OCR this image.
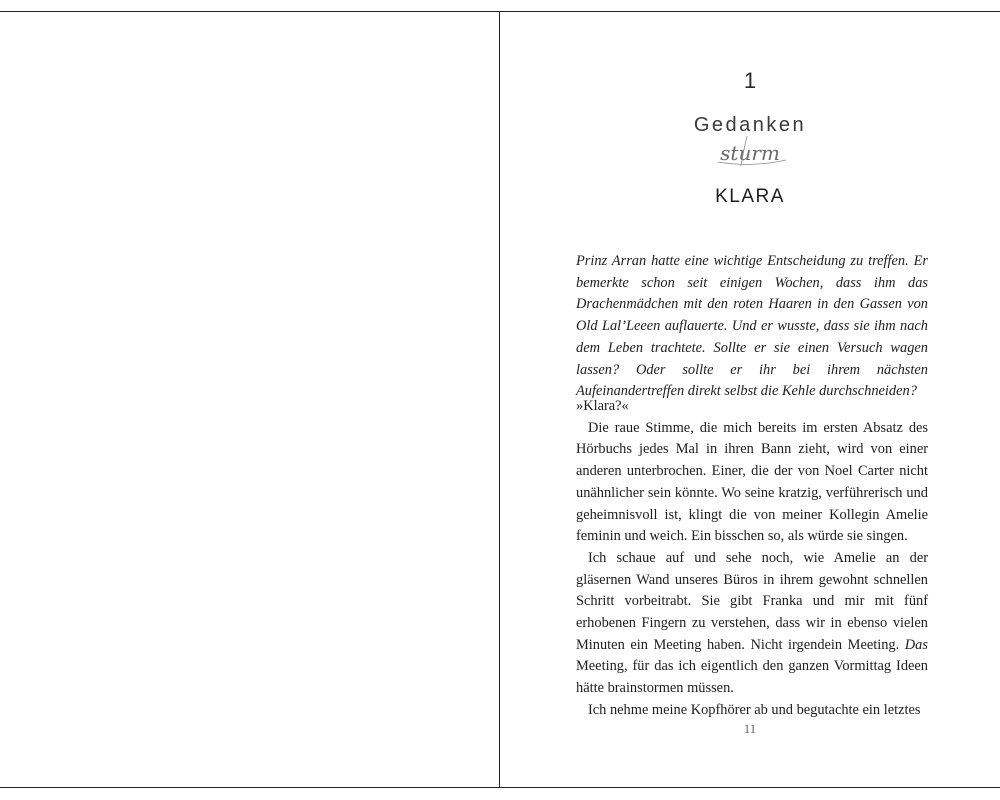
1
Gedanken
sturm
KLARA

Prinz Arran hatte eine wichtige Entscheidung zu treffen. Er bemerkte schon seit einigen Wochen, dass ihm das Drachenmädchen mit den roten Haaren in den Gassen von Old Lal’Leeen auflauerte. Und er wusste, dass sie ihm nach dem Leben trachtete. Sollte er sie einen Versuch wagen lassen? Oder sollte er ihr bei ihrem nächsten Aufeinandertreffen direkt selbst die Kehle durchschneiden?

»Klara?«

Die raue Stimme, die mich bereits im ersten Absatz des Hörbuchs jedes Mal in ihren Bann zieht, wird von einer anderen unterbrochen. Einer, die der von Noel Carter nicht unähnlicher sein könnte. Wo seine kratzig, verführerisch und geheimnisvoll ist, klingt die von meiner Kollegin Amelie feminin und weich. Ein bisschen so, als würde sie singen.

Ich schaue auf und sehe noch, wie Amelie an der gläsernen Wand unseres Büros in ihrem gewohnt schnellen Schritt vorbeitrabt. Sie gibt Franka und mir mit fünf erhobenen Fingern zu verstehen, dass wir in ebenso vielen Minuten ein Meeting haben. Nicht irgendein Meeting. Das Meeting, für das ich eigentlich den ganzen Vormittag Ideen hätte brainstormen müssen.

Ich nehme meine Kopfhörer ab und begutachte ein letztes

11
